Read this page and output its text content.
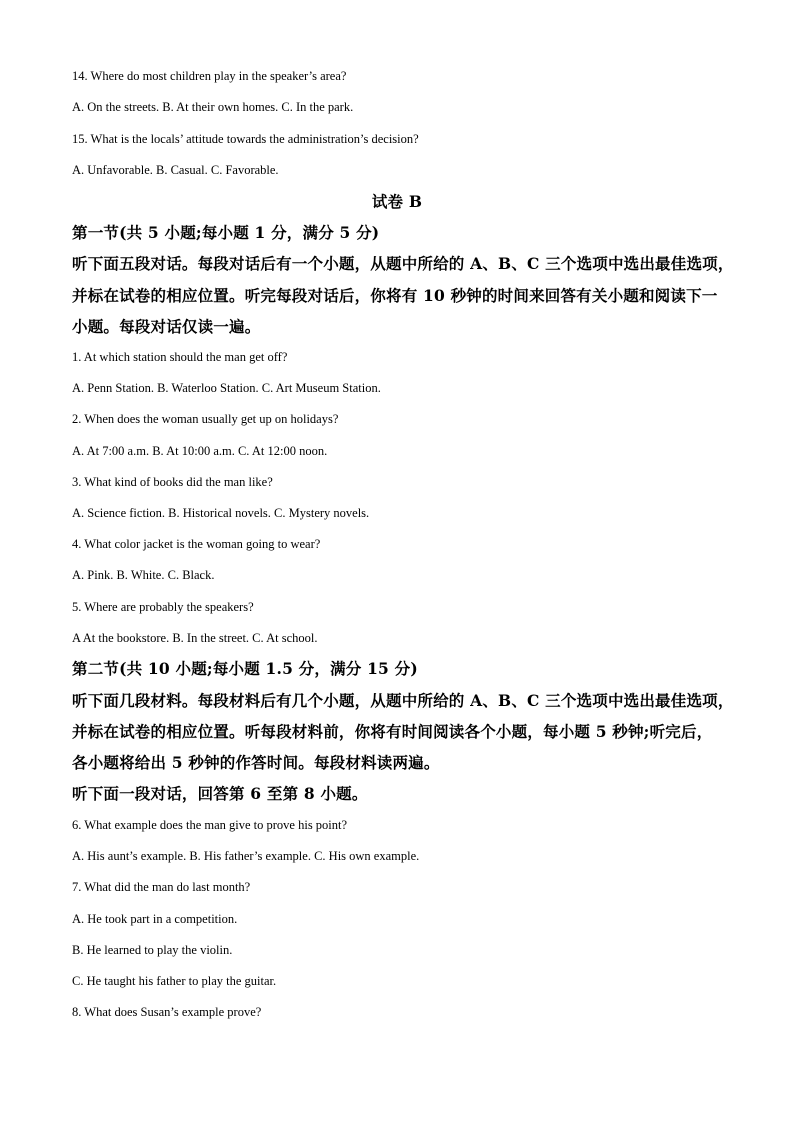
14. Where do most children play in the speaker’s area?
A. On the streets. B. At their own homes. C. In the park.
15. What is the locals’ attitude towards the administration’s decision?
A. Unfavorable. B. Casual. C. Favorable.
试卷 B
第一节(共 5 小题;每小题 1 分，满分 5 分)
听下面五段对话。每段对话后有一个小题，从题中所给的 A、B、C 三个选项中选出最佳选项，
并标在试卷的相应位置。听完每段对话后，你将有 10 秒钟的时间来回答有关小题和阅读下一
小题。每段对话仅读一遍。
1. At which station should the man get off?
A. Penn Station. B. Waterloo Station. C. Art Museum Station.
2. When does the woman usually get up on holidays?
A. At 7:00 a.m. B. At 10:00 a.m. C. At 12:00 noon.
3. What kind of books did the man like?
A. Science fiction. B. Historical novels. C. Mystery novels.
4. What color jacket is the woman going to wear?
A. Pink. B. White. C. Black.
5. Where are probably the speakers?
A At the bookstore. B. In the street. C. At school.
第二节(共 10 小题;每小题 1.5 分，满分 15 分)
听下面几段材料。每段材料后有几个小题，从题中所给的 A、B、C 三个选项中选出最佳选项，
并标在试卷的相应位置。听每段材料前，你将有时间阅读各个小题，每小题 5 秒钟;听完后，
各小题将给出 5 秒钟的作答时间。每段材料读两遍。
听下面一段对话，回答第 6 至第 8 小题。
6. What example does the man give to prove his point?
A. His aunt’s example. B. His father’s example. C. His own example.
7. What did the man do last month?
A. He took part in a competition.
B. He learned to play the violin.
C. He taught his father to play the guitar.
8. What does Susan’s example prove?
